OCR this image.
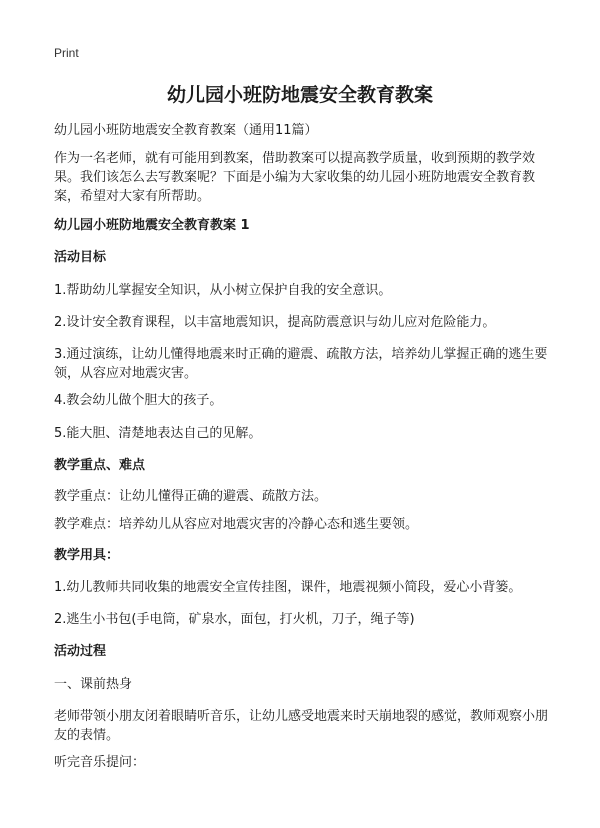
Print
幼儿园小班防地震安全教育教案
幼儿园小班防地震安全教育教案（通用11篇）
作为一名老师，就有可能用到教案，借助教案可以提高教学质量，收到预期的教学效果。我们该怎么去写教案呢？下面是小编为大家收集的幼儿园小班防地震安全教育教案，希望对大家有所帮助。
幼儿园小班防地震安全教育教案 1
活动目标
1.帮助幼儿掌握安全知识，从小树立保护自我的安全意识。
2.设计安全教育课程，以丰富地震知识，提高防震意识与幼儿应对危险能力。
3.通过演练，让幼儿懂得地震来时正确的避震、疏散方法，培养幼儿掌握正确的逃生要领，从容应对地震灾害。
4.教会幼儿做个胆大的孩子。
5.能大胆、清楚地表达自己的见解。
教学重点、难点
教学重点：让幼儿懂得正确的避震、疏散方法。
教学难点：培养幼儿从容应对地震灾害的冷静心态和逃生要领。
教学用具：
1.幼儿教师共同收集的地震安全宣传挂图，课件，地震视频小简段，爱心小背篓。
2.逃生小书包(手电筒，矿泉水，面包，打火机，刀子，绳子等)
活动过程
一、课前热身
老师带领小朋友闭着眼睛听音乐，让幼儿感受地震来时天崩地裂的感觉，教师观察小朋友的表情。
听完音乐提问：
